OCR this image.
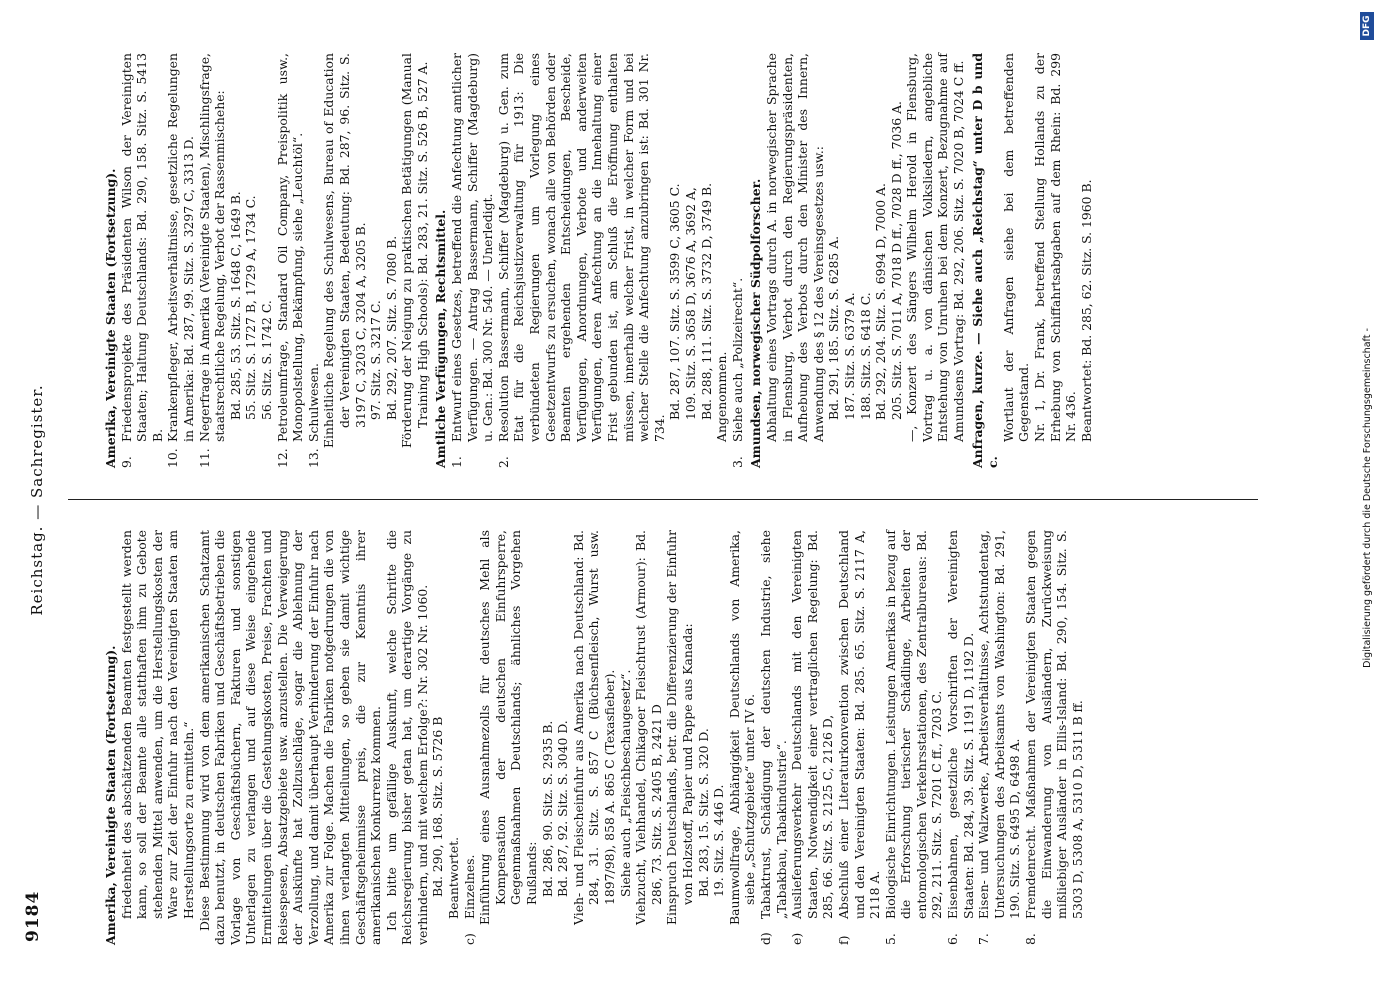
9184
Reichstag. — Sachregister.

Amerika, Vereinigte Staaten (Fortsetzung). friedenheit des abschätzenden Beamten festgestellt werden kann, so soll der Beamte alle statthaften ihm zu Gebote stehenden Mittel anwenden, um die Herstellungskosten der Ware zur Zeit der Einfuhr nach den Vereinigten Staaten am Herstellungsorte zu ermitteln.“ Diese Bestimmung wird von dem amerikanischen Schatzamt dazu benutzt, in deutschen Fabriken und Geschäftsbetrieben die Vorlage von Geschäftsbüchern, Fakturen und sonstigen Unterlagen zu verlangen und auf diese Weise eingehende Ermittelungen über die Gestehungskosten, Preise, Frachten und Reisespesen, Absatzgebiete usw. anzustellen. Die Verweigerung der Auskünfte hat Zollzuschläge, sogar die Ablehnung der Verzollung, und damit überhaupt Verhinderung der Einfuhr nach Amerika zur Folge. Machen die Fabriken notgedrungen die von ihnen verlangten Mitteilungen, so geben sie damit wichtige Geschäftsgeheimnisse preis, die zur Kenntnis ihrer amerikanischen Konkurrenz kommen. Ich bitte um gefällige Auskunft, welche Schritte die Reichsregierung bisher getan hat, um derartige Vorgänge zu verhindern, und mit welchem Erfolge?: Nr. 302 Nr. 1060. Bd. 290, 168. Sitz. S. 5726 B Beantwortet.

c)Einzelnes. Einführung eines Ausnahmezolls für deutsches Mehl als Kompensation der deutschen Einfuhrsperre, Gegenmaßnahmen Deutschlands; ähnliches Vorgehen Rußlands: Bd. 286, 90. Sitz. S. 2935 B. Bd. 287, 92. Sitz. S. 3040 D. Vieh- und Fleischeinfuhr aus Amerika nach Deutschland: Bd. 284, 31. Sitz. S. 857 C (Büchsenfleisch, Wurst usw. 1897/98), 858 A. 865 C (Texasfieber). Siehe auch „Fleischbeschaugesetz“. Viehzucht, Viehhandel, Chikagoer Fleischtrust (Armour): Bd. 286, 73. Sitz. S. 2405 B, 2421 D Einspruch Deutschlands, betr. die Differenzierung der Einfuhr von Holzstoff, Papier und Pappe aus Kanada: Bd. 283, 15. Sitz. S. 320 D. 19. Sitz. S. 446 D. Baumwollfrage, Abhängigkeit Deutschlands von Amerika, siehe „Schutzgebiete“ unter IV 6.

d)Tabaktrust, Schädigung der deutschen Industrie, siehe „Tabakbau, Tabakindustrie“.

e)Auslieferungsverkehr Deutschlands mit den Vereinigten Staaten, Notwendigkeit einer vertraglichen Regelung: Bd. 285, 66. Sitz. S. 2125 C, 2126 D,

f)Abschluß einer Literaturkonvention zwischen Deutschland und den Vereinigten Staaten: Bd. 285. 65. Sitz. S. 2117 A, 2118 A.

5.Biologische Einrichtungen. Leistungen Amerikas in bezug auf die Erforschung tierischer Schädlinge, Arbeiten der entomologischen Verkehrsstationen, des Zentralbureaus: Bd. 292, 211. Sitz. S. 7201 C ff., 7203 C.

6.Eisenbahnen, gesetzliche Vorschriften der Vereinigten Staaten: Bd. 284, 39. Sitz. S. 1191 D, 1192 D.

7.Eisen- und Walzwerke, Arbeitsverhältnisse, Achtstundentag, Untersuchungen des Arbeitsamts von Washington: Bd. 291, 190. Sitz. S. 6495 D, 6498 A.

8.Fremdenrecht. Maßnahmen der Vereinigten Staaten gegen die Einwanderung von Ausländern, Zurückweisung mißliebiger Ausländer in Ellis-Island: Bd. 290, 154. Sitz. S. 5303 D, 5308 A, 5310 D, 5311 B ff.

Amerika, Vereinigte Staaten (Fortsetzung). 9.Friedensprojekte des Präsidenten Wilson der Vereinigten Staaten; Haltung Deutschlands: Bd. 290, 158. Sitz. S. 5413 B.

10.Krankenpfleger, Arbeitsverhältnisse, gesetzliche Regelungen in Amerika: Bd. 287, 99. Sitz. S. 3297 C, 3313 D.

11.Negerfrage in Amerika (Vereinigte Staaten), Mischlingsfrage, staatsrechtliche Regelung, Verbot der Rassenmischehe: Bd. 285, 53. Sitz. S. 1648 C, 1649 B. 55. Sitz. S. 1727 B, 1729 A, 1734 C. 56. Sitz. S. 1742 C.

12.Petroleumfrage, Standard Oil Company, Preispolitik usw., Monopolstellung, Bekämpfung, siehe „Leuchtöl“.

13.Schulwesen. Einheitliche Regelung des Schulwesens, Bureau of Education der Vereinigten Staaten, Bedeutung: Bd. 287, 96. Sitz. S. 3197 C, 3203 C, 3204 A, 3205 B. 97. Sitz. S. 3217 C. Bd. 292, 207. Sitz. S. 7080 B. Förderung der Neigung zu praktischen Betätigungen (Manual Training High Schools): Bd. 283, 21. Sitz. S. 526 B, 527 A. Amtliche Verfügungen, Rechtsmittel. 1.Entwurf eines Gesetzes, betreffend die Anfechtung amtlicher Verfügungen. — Antrag Bassermann, Schiffer (Magdeburg) u. Gen.: Bd. 300 Nr. 540. — Unerledigt.

2.Resolution Bassermann, Schiffer (Magdeburg) u. Gen. zum Etat für die Reichsjustizverwaltung für 1913: Die verbündeten Regierungen um Vorlegung eines Gesetzentwurfs zu ersuchen, wonach alle von Behörden oder Beamten ergehenden Entscheidungen, Bescheide, Verfügungen, Anordnungen, Verbote und anderweiten Verfügungen, deren Anfechtung an die Innehaltung einer Frist gebunden ist, am Schluß die Eröffnung enthalten müssen, innerhalb welcher Frist, in welcher Form und bei welcher Stelle die Anfechtung anzubringen ist: Bd. 301 Nr. 734.

Bd. 287, 107. Sitz. S. 3599 C, 3605 C. 109. Sitz. S. 3658 D, 3676 A, 3692 A, Bd. 288, 111. Sitz. S. 3732 D, 3749 B. Angenommen.

3.Siehe auch „Polizeirecht“. Amundsen, norwegischer Südpolforscher. Abhaltung eines Vortrags durch A. in norwegischer Sprache in Flensburg, Verbot durch den Regierungspräsidenten, Aufhebung des Verbots durch den Minister des Innern, Anwendung des § 12 des Vereinsgesetzes usw.: Bd. 291, 185. Sitz. S. 6285 A. 187. Sitz. S. 6379 A. 188. Sitz. S. 6418 C. Bd. 292, 204. Sitz. S. 6994 D, 7000 A. 205. Sitz. S. 7011 A, 7018 D ff., 7028 D ff., 7036 A. —, Konzert des Sängers Wilhelm Herold in Flensburg, Vortrag u. a. von dänischen Volksliedern, angebliche Entstehung von Unruhen bei dem Konzert, Bezugnahme auf Amundsens Vortrag: Bd. 292, 206. Sitz. S. 7020 B, 7024 C ff. Anfragen, kurze. — Siehe auch „Reichstag“ unter D b und c.

Wortlaut der Anfragen siehe bei dem betreffenden Gegenstand. Nr. 1, Dr. Frank, betreffend Stellung Hollands zu der Erhebung von Schiffahrtsabgaben auf dem Rhein: Bd. 299 Nr. 436. Beantwortet: Bd. 285, 62. Sitz. S. 1960 B.

Digitalisierung gefördert durch die Deutsche Forschungsgemeinschaft -
DFG
